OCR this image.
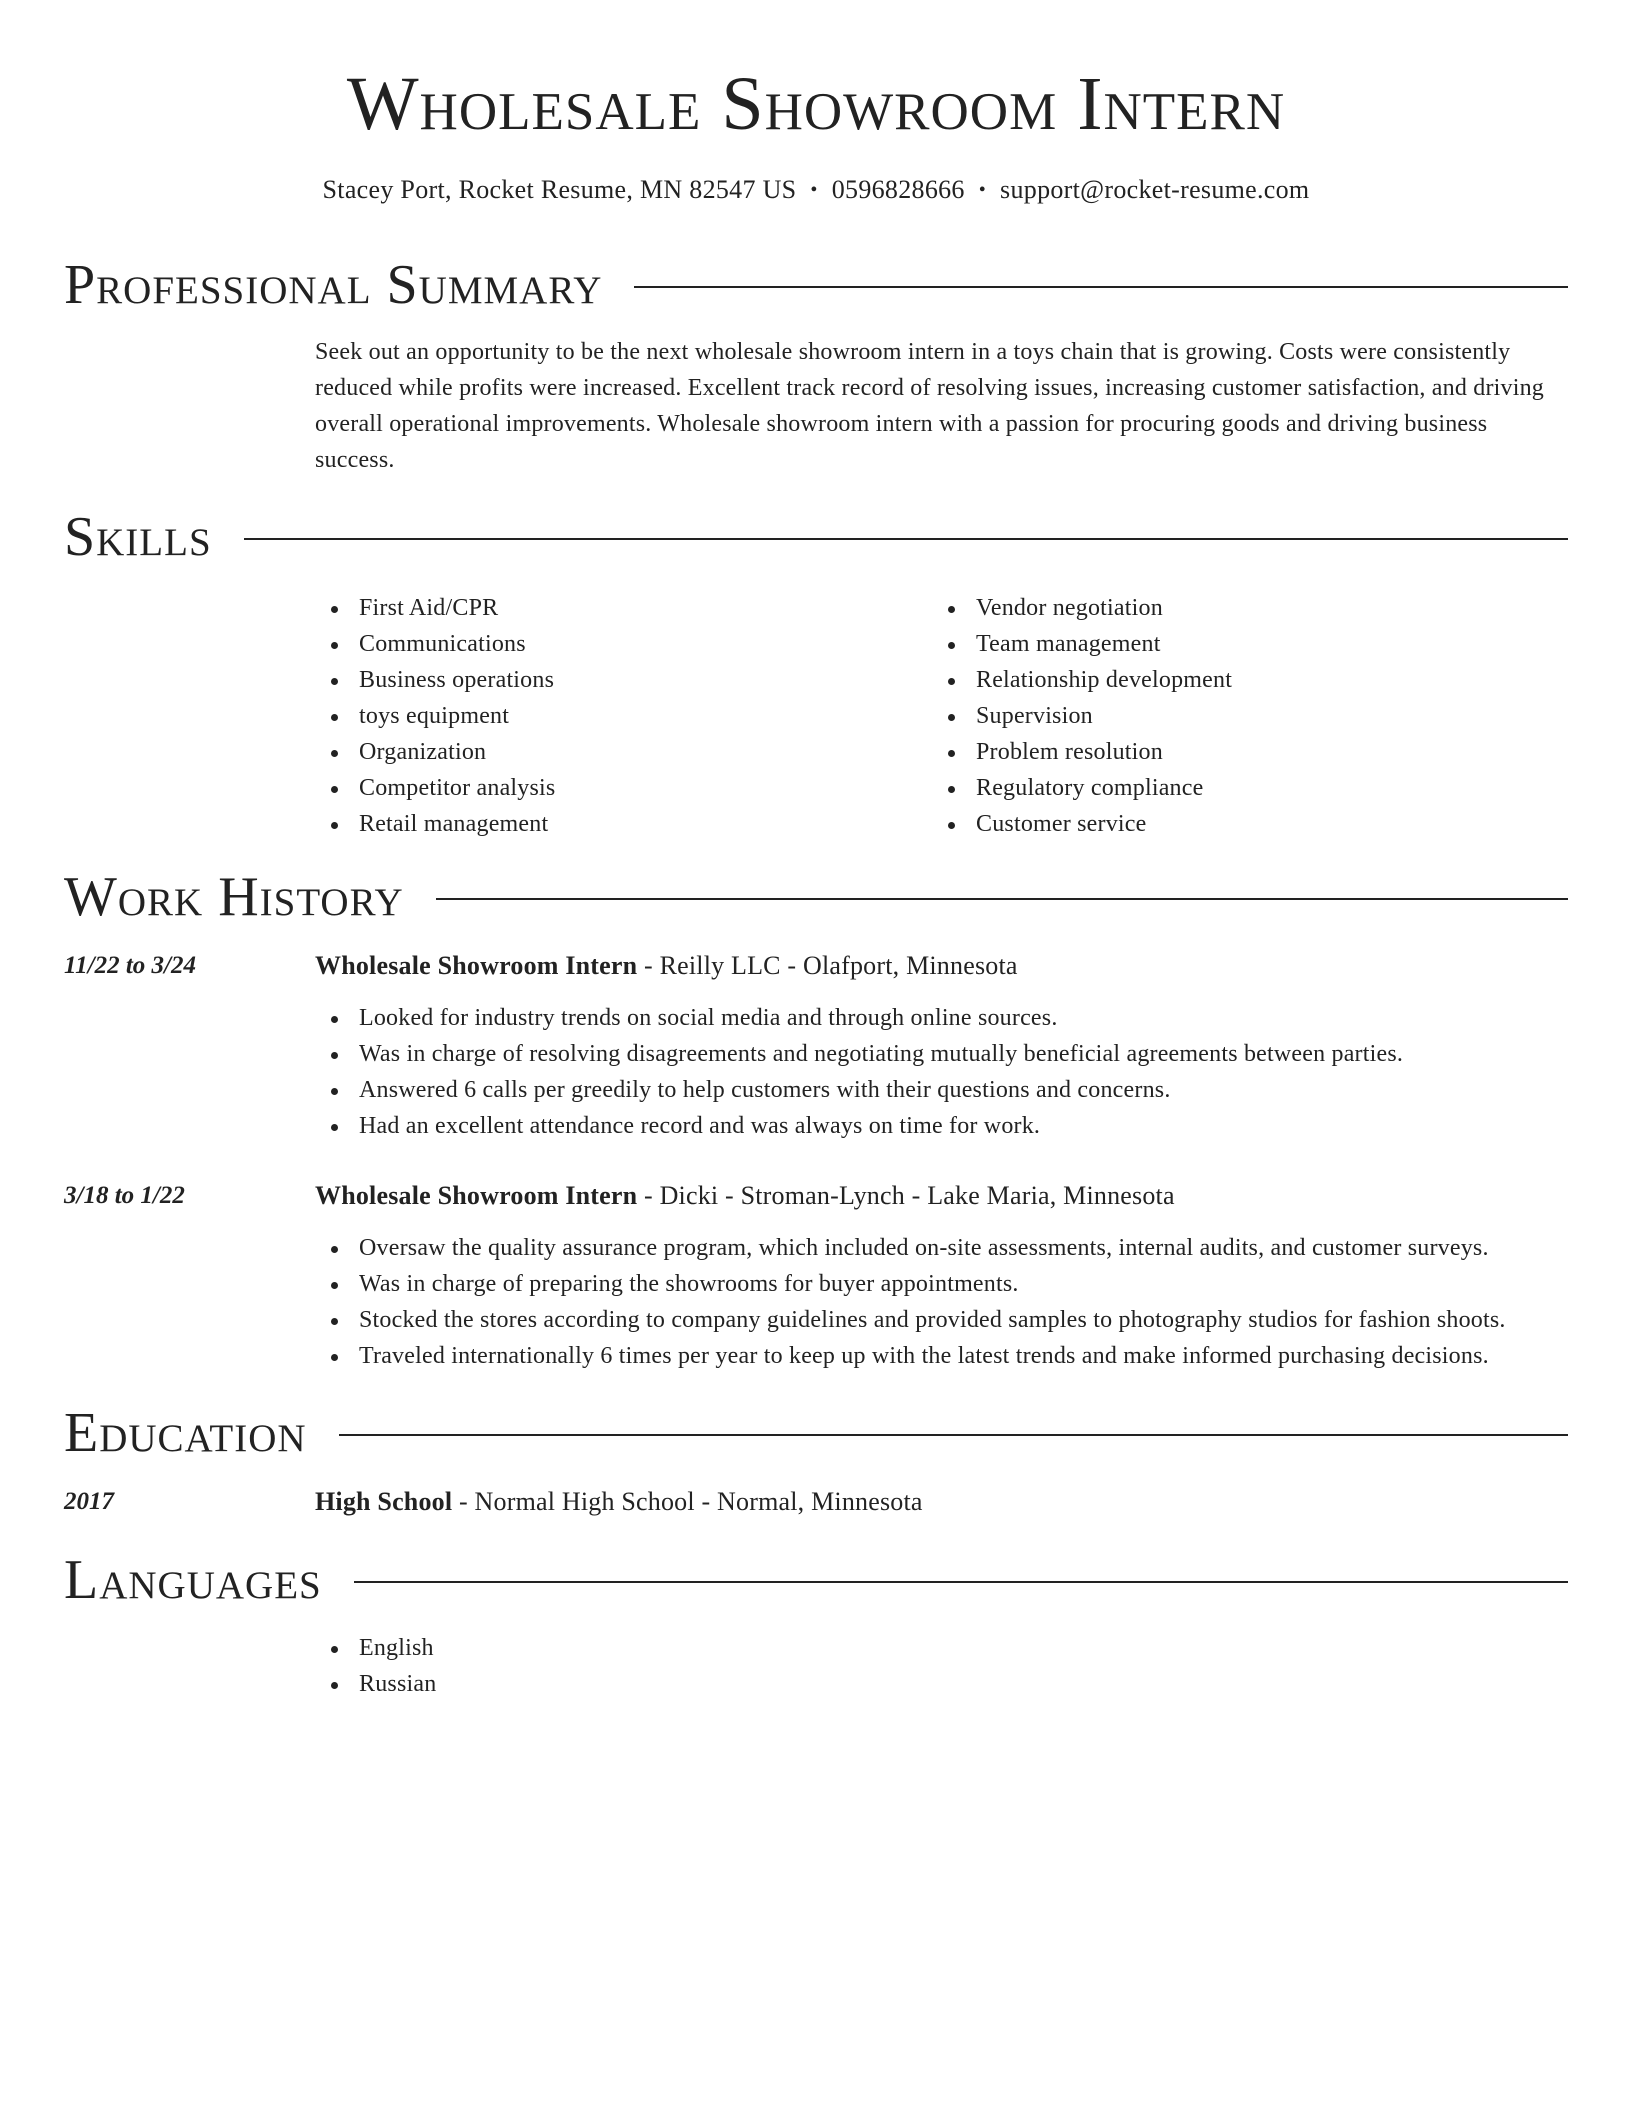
Wholesale Showroom Intern
Stacey Port, Rocket Resume, MN 82547 US • 0596828666 • support@rocket-resume.com
Professional Summary
Seek out an opportunity to be the next wholesale showroom intern in a toys chain that is growing. Costs were consistently reduced while profits were increased. Excellent track record of resolving issues, increasing customer satisfaction, and driving overall operational improvements. Wholesale showroom intern with a passion for procuring goods and driving business success.
Skills
First Aid/CPR
Communications
Business operations
toys equipment
Organization
Competitor analysis
Retail management
Vendor negotiation
Team management
Relationship development
Supervision
Problem resolution
Regulatory compliance
Customer service
Work History
11/22 to 3/24	Wholesale Showroom Intern - Reilly LLC - Olafport, Minnesota
Looked for industry trends on social media and through online sources.
Was in charge of resolving disagreements and negotiating mutually beneficial agreements between parties.
Answered 6 calls per greedily to help customers with their questions and concerns.
Had an excellent attendance record and was always on time for work.
3/18 to 1/22	Wholesale Showroom Intern - Dicki - Stroman-Lynch - Lake Maria, Minnesota
Oversaw the quality assurance program, which included on-site assessments, internal audits, and customer surveys.
Was in charge of preparing the showrooms for buyer appointments.
Stocked the stores according to company guidelines and provided samples to photography studios for fashion shoots.
Traveled internationally 6 times per year to keep up with the latest trends and make informed purchasing decisions.
Education
2017	High School - Normal High School - Normal, Minnesota
Languages
English
Russian
